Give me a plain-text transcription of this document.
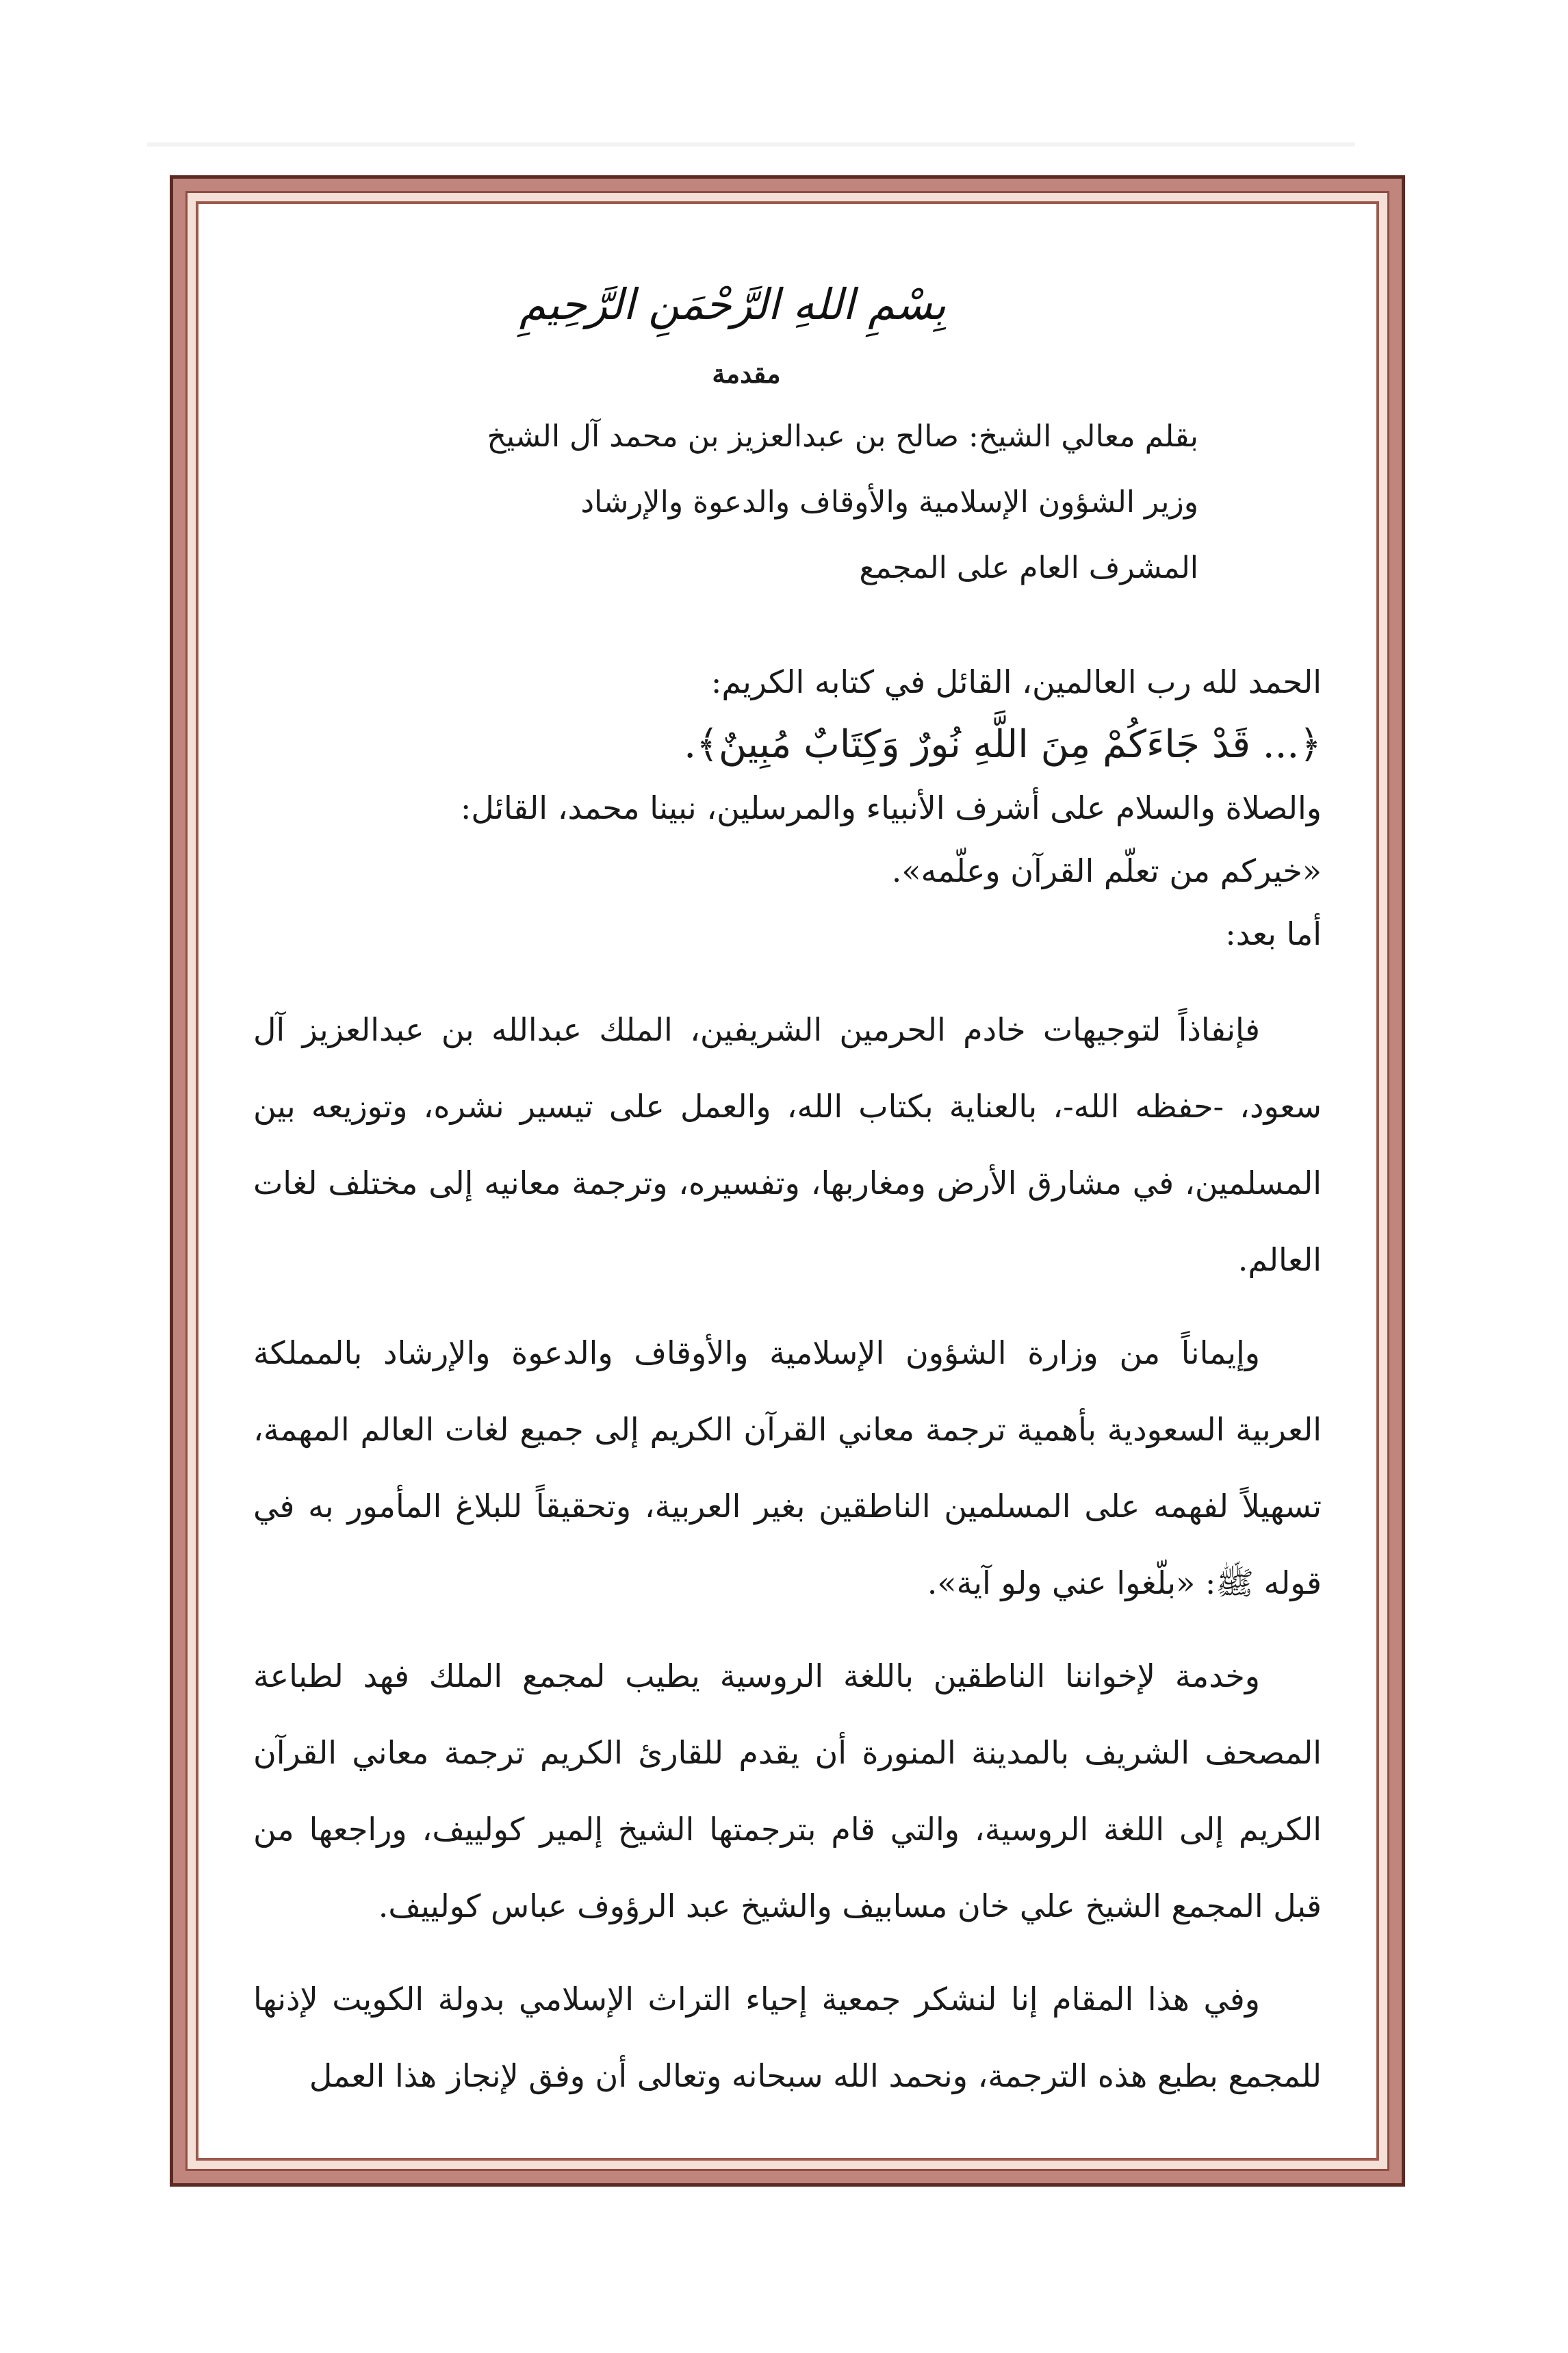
بِسْمِ اللهِ الرَّحْمَنِ الرَّحِيمِ
مقدمة

بقلم معالي الشيخ: صالح بن عبدالعزيز بن محمد آل الشيخ

وزير الشؤون الإسلامية والأوقاف والدعوة والإرشاد

المشرف العام على المجمع

الحمد لله رب العالمين، القائل في كتابه الكريم:

﴿... قَدْ جَاءَكُمْ مِنَ اللَّهِ نُورٌ وَكِتَابٌ مُبِينٌ﴾.

والصلاة والسلام على أشرف الأنبياء والمرسلين، نبينا محمد، القائل:

«خيركم من تعلّم القرآن وعلّمه».

أما بعد:

فإنفاذاً لتوجيهات خادم الحرمين الشريفين، الملك عبدالله بن عبدالعزيز آل سعود، -حفظه الله-، بالعناية بكتاب الله، والعمل على تيسير نشره، وتوزيعه بين المسلمين، في مشارق الأرض ومغاربها، وتفسيره، وترجمة معانيه إلى مختلف لغات العالم.

وإيماناً من وزارة الشؤون الإسلامية والأوقاف والدعوة والإرشاد بالمملكة العربية السعودية بأهمية ترجمة معاني القرآن الكريم إلى جميع لغات العالم المهمة، تسهيلاً لفهمه على المسلمين الناطقين بغير العربية، وتحقيقاً للبلاغ المأمور به في قوله ﷺ: «بلّغوا عني ولو آية».

وخدمة لإخواننا الناطقين باللغة الروسية يطيب لمجمع الملك فهد لطباعة المصحف الشريف بالمدينة المنورة أن يقدم للقارئ الكريم ترجمة معاني القرآن الكريم إلى اللغة الروسية، والتي قام بترجمتها الشيخ إلمير كولييف، وراجعها من قبل المجمع الشيخ علي خان مسابيف والشيخ عبد الرؤوف عباس كولييف.

وفي هذا المقام إنا لنشكر جمعية إحياء التراث الإسلامي بدولة الكويت لإذنها للمجمع بطبع هذه الترجمة، ونحمد الله سبحانه وتعالى أن وفق لإنجاز هذا العمل
